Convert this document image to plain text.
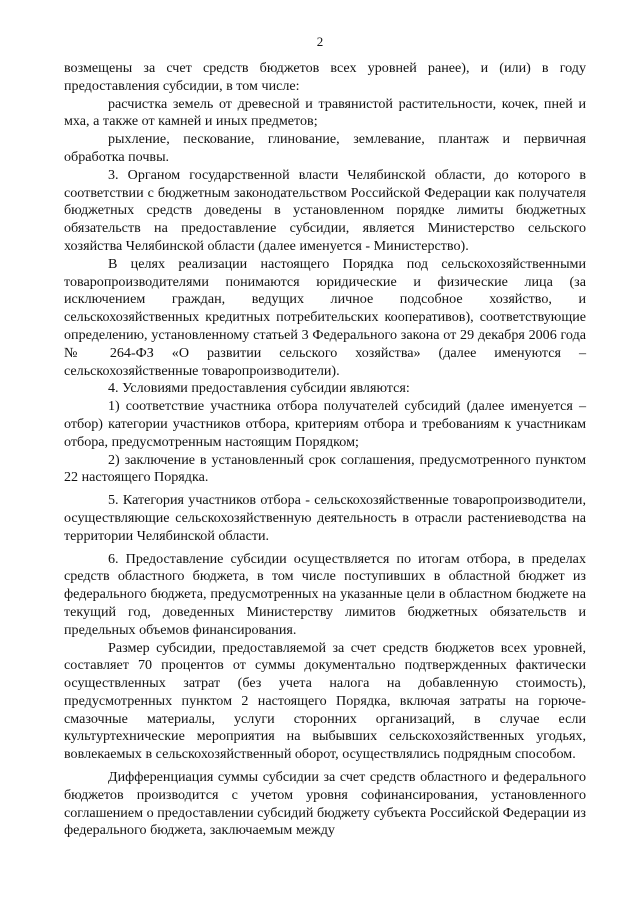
2

возмещены за счет средств бюджетов всех уровней ранее), и (или) в году предоставления субсидии, в том числе:

расчистка земель от древесной и травянистой растительности, кочек, пней и мха, а также от камней и иных предметов;

рыхление, пескование, глинование, землевание, плантаж и первичная обработка почвы.

3. Органом государственной власти Челябинской области, до которого в соответствии с бюджетным законодательством Российской Федерации как получателя бюджетных средств доведены в установленном порядке лимиты бюджетных обязательств на предоставление субсидии, является Министерство сельского хозяйства Челябинской области (далее именуется - Министерство).

В целях реализации настоящего Порядка под сельскохозяйственными товаропроизводителями понимаются юридические и физические лица (за исключением граждан, ведущих личное подсобное хозяйство, и сельскохозяйственных кредитных потребительских кооперативов), соответствующие определению, установленному статьей 3 Федерального закона от 29 декабря 2006 года № 264-ФЗ «О развитии сельского хозяйства» (далее именуются – сельскохозяйственные товаропроизводители).

4. Условиями предоставления субсидии являются:

1) соответствие участника отбора получателей субсидий (далее именуется – отбор) категории участников отбора, критериям отбора и требованиям к участникам отбора, предусмотренным настоящим Порядком;

2) заключение в установленный срок соглашения, предусмотренного пунктом 22 настоящего Порядка.

5. Категория участников отбора - сельскохозяйственные товаропроизводители, осуществляющие сельскохозяйственную деятельность в отрасли растениеводства на территории Челябинской области.

6. Предоставление субсидии осуществляется по итогам отбора, в пределах средств областного бюджета, в том числе поступивших в областной бюджет из федерального бюджета, предусмотренных на указанные цели в областном бюджете на текущий год, доведенных Министерству лимитов бюджетных обязательств и предельных объемов финансирования.

Размер субсидии, предоставляемой за счет средств бюджетов всех уровней, составляет 70 процентов от суммы документально подтвержденных фактически осуществленных затрат (без учета налога на добавленную стоимость), предусмотренных пунктом 2 настоящего Порядка, включая затраты на горюче-смазочные материалы, услуги сторонних организаций, в случае если культуртехнические мероприятия на выбывших сельскохозяйственных угодьях, вовлекаемых в сельскохозяйственный оборот, осуществлялись подрядным способом.

Дифференциация суммы субсидии за счет средств областного и федерального бюджетов производится с учетом уровня софинансирования, установленного соглашением о предоставлении субсидий бюджету субъекта Российской Федерации из федерального бюджета, заключаемым между
